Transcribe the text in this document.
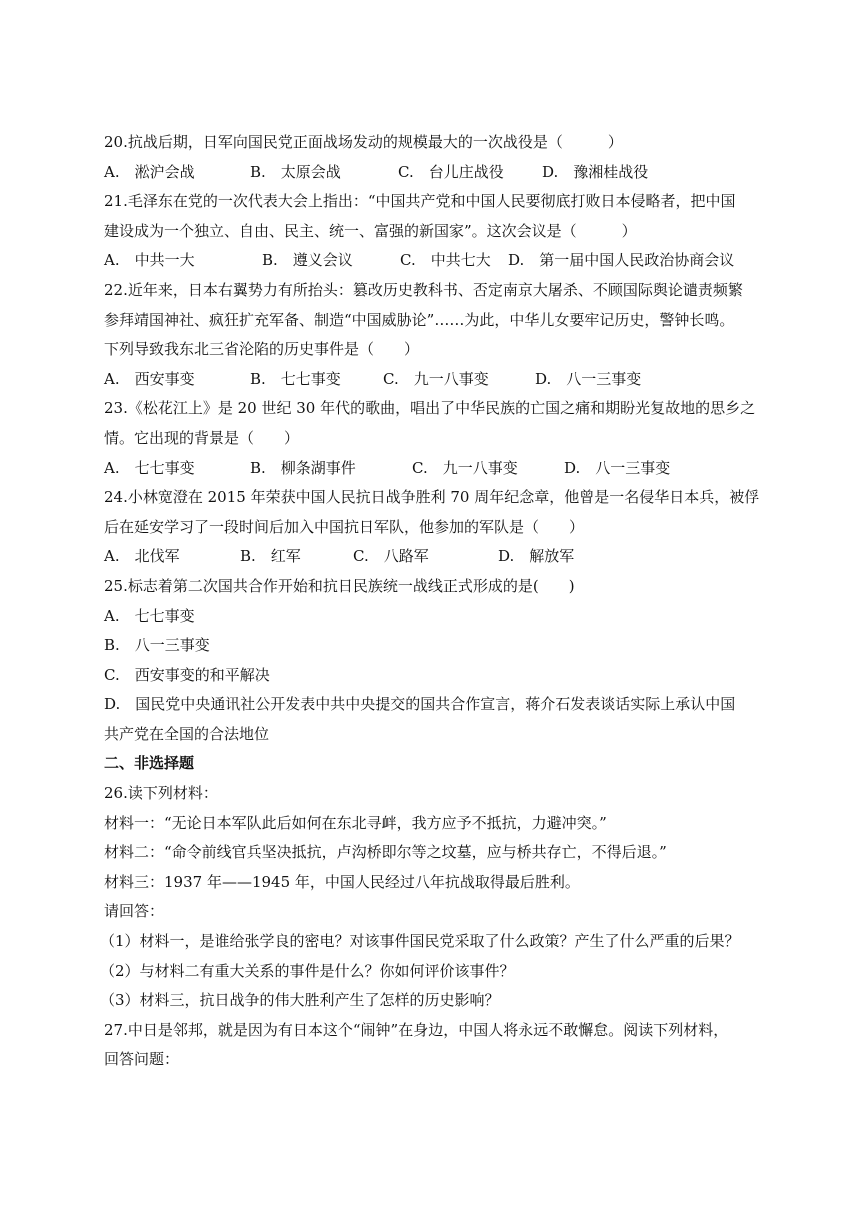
20.抗战后期，日军向国民党正面战场发动的规模最大的一次战役是（　　　）
A.　淞沪会战	B.　太原会战	C.　台儿庄战役	D.　豫湘桂战役
21.毛泽东在党的一次代表大会上指出：“中国共产党和中国人民要彻底打败日本侵略者，把中国
建设成为一个独立、自由、民主、统一、富强的新国家”。这次会议是（　　　）
A.　中共一大	B.　遵义会议	C.　中共七大	D.　第一届中国人民政治协商会议
22.近年来，日本右翼势力有所抬头：篡改历史教科书、否定南京大屠杀、不顾国际舆论谴责频繁
参拜靖国神社、疯狂扩充军备、制造“中国威胁论”……为此，中华儿女要牢记历史，警钟长鸣。
下列导致我东北三省沦陷的历史事件是（　　）
A.　西安事变	B.　七七事变	C.　九一八事变	D.　八一三事变
23.《松花江上》是 20 世纪 30 年代的歌曲，唱出了中华民族的亡国之痛和期盼光复故地的思乡之
情。它出现的背景是（　　）
A.　七七事变	B.　柳条湖事件	C.　九一八事变	D.　八一三事变
24.小林宽澄在 2015 年荣获中国人民抗日战争胜利 70 周年纪念章，他曾是一名侵华日本兵，被俘
后在延安学习了一段时间后加入中国抗日军队，他参加的军队是（　　）
A.　北伐军	B.　红军	C.　八路军	D.　解放军
25.标志着第二次国共合作开始和抗日民族统一战线正式形成的是(　　)
A.　七七事变
B.　八一三事变
C.　西安事变的和平解决
D.　国民党中央通讯社公开发表中共中央提交的国共合作宣言，蒋介石发表谈话实际上承认中国
共产党在全国的合法地位
二、非选择题
26.读下列材料：
材料一：“无论日本军队此后如何在东北寻衅，我方应予不抵抗，力避冲突。”
材料二：“命令前线官兵坚决抵抗，卢沟桥即尔等之坟墓，应与桥共存亡，不得后退。”
材料三：1937 年——1945 年，中国人民经过八年抗战取得最后胜利。
请回答：
（1）材料一，是谁给张学良的密电？对该事件国民党采取了什么政策？产生了什么严重的后果？
（2）与材料二有重大关系的事件是什么？你如何评价该事件？
（3）材料三，抗日战争的伟大胜利产生了怎样的历史影响？
27.中日是邻邦，就是因为有日本这个“闹钟”在身边，中国人将永远不敢懈怠。阅读下列材料，
回答问题：
